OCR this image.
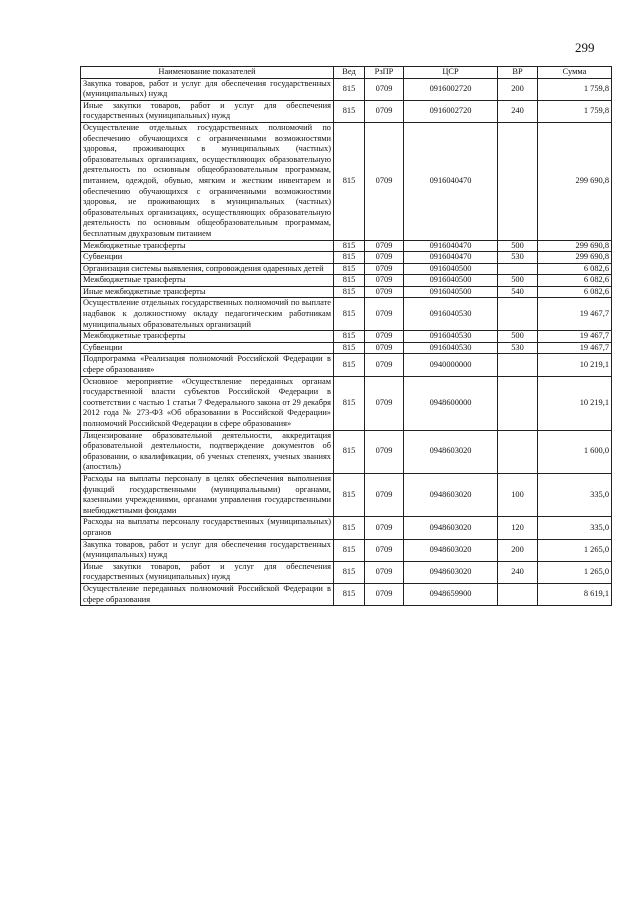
299
Наименование показателей	Вед	РзПР	ЦСР	ВР	Сумма
Закупка товаров, работ и услуг для обеспечения государственных (муниципальных) нужд	815	0709	0916002720	200	1 759,8
Иные закупки товаров, работ и услуг для обеспечения государственных (муниципальных) нужд	815	0709	0916002720	240	1 759,8
Осуществление отдельных государственных полномочий по обеспечению обучающихся с ограниченными возможностями здоровья, проживающих в муниципальных (частных) образовательных организациях, осуществляющих образовательную деятельность по основным общеобразовательным программам, питанием, одеждой, обувью, мягким и жестким инвентарем и обеспечению обучающихся с ограниченными возможностями здоровья, не проживающих в муниципальных (частных) образовательных организациях, осуществляющих образовательную деятельность по основным общеобразовательным программам, бесплатным двухразовым питанием	815	0709	0916040470		299 690,8
Межбюджетные трансферты	815	0709	0916040470	500	299 690,8
Субвенции	815	0709	0916040470	530	299 690,8
Организация системы выявления, сопровождения одаренных детей	815	0709	0916040500		6 082,6
Межбюджетные трансферты	815	0709	0916040500	500	6 082,6
Иные межбюджетные трансферты	815	0709	0916040500	540	6 082,6
Осуществление отдельных государственных полномочий по выплате надбавок к должностному окладу педагогическим работникам муниципальных образовательных организаций	815	0709	0916040530		19 467,7
Межбюджетные трансферты	815	0709	0916040530	500	19 467,7
Субвенции	815	0709	0916040530	530	19 467,7
Подпрограмма «Реализация полномочий Российской Федерации в сфере образования»	815	0709	0940000000		10 219,1
Основное мероприятие «Осуществление переданных органам государственной власти субъектов Российской Федерации в соответствии с частью 1 статьи 7 Федерального закона от 29 декабря 2012 года № 273-ФЗ «Об образовании в Российской Федерации» полномочий Российской Федерации в сфере образования»	815	0709	0948600000		10 219,1
Лицензирование образовательной деятельности, аккредитация образовательной деятельности, подтверждение документов об образовании, о квалификации, об ученых степенях, ученых званиях (апостиль)	815	0709	0948603020		1 600,0
Расходы на выплаты персоналу в целях обеспечения выполнения функций государственными (муниципальными) органами, казенными учреждениями, органами управления государственными внебюджетными фондами	815	0709	0948603020	100	335,0
Расходы на выплаты персоналу государственных (муниципальных) органов	815	0709	0948603020	120	335,0
Закупка товаров, работ и услуг для обеспечения государственных (муниципальных) нужд	815	0709	0948603020	200	1 265,0
Иные закупки товаров, работ и услуг для обеспечения государственных (муниципальных) нужд	815	0709	0948603020	240	1 265,0
Осуществление переданных полномочий Российской Федерации в сфере образования	815	0709	0948659900		8 619,1
